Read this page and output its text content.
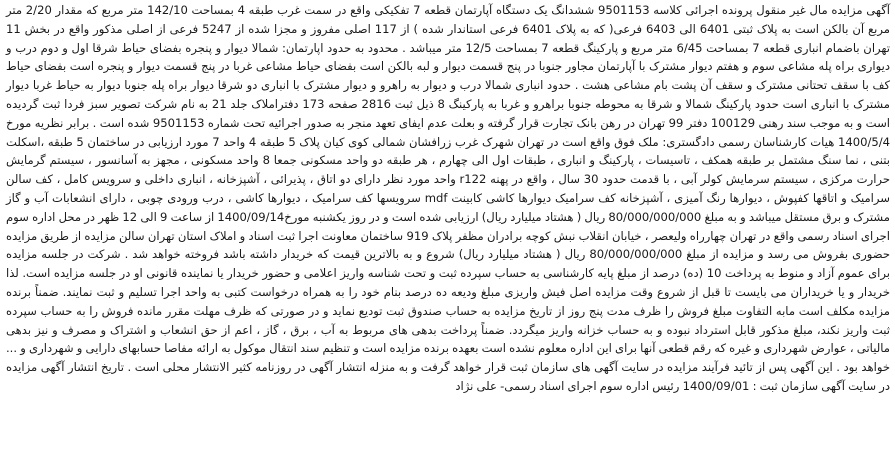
آگهی مزایده مال غیر منقول پرونده اجرائی کلاسه 9501153 ششدانگ یک دستگاه آپارتمان قطعه 7 تفکیکی واقع در سمت غرب طبقه 4 بمساحت 142/10 متر مربع که مقدار 2/20 متر مربع آن بالکن است به پلاک ثبتی 6401 الی 6403 فرعی( که به پلاک 6401 فرعی استاندار شده ) از 117 اصلی مفروز و مجزا شده از 5247 فرعی از اصلی مذکور واقع در بخش 11 تهران باضمام انباری قطعه 7 بمساحت 6/45 متر مربع و پارکینگ قطعه 7 بمساحت 12/5 متر میباشد . محدود به حدود اپارتمان: شمالا دیوار و پنجره بفضای حیاط شرقا اول و دوم درب و دیواری براه پله مشاعی سوم و هفتم دیوار مشترک با آپارتمان مجاور جنوبا در پنج قسمت دیوار و لبه بالکن است بفضای حیاط مشاعی غربا در پنج قسمت دیوار و پنجره است بفضای حیاط کف با سقف تحتانی مشترک و سقف آن پشت بام مشاعی هشت . حدود انباری شمالا درب و دیوار به راهرو و دیوار مشترک با انباری دو شرقا دیوار براه پله جنوبا دیوار به حیاط غربا دیوار مشترک با انباری است حدود پارکینگ شمالا و شرقا به محوطه جنوبا براهرو و غربا به پارکینگ 8 ذیل ثبت 2816 صفحه 173 دفتراملاک جلد 21 به نام شرکت تصویر سبز فردا ثبت گردیده است و به موجب سند رهنی 100129 دفتر 99 تهران در رهن بانک تجارت قرار گرفته و بعلت عدم ایفای تعهد منجر به صدور اجرائیه تحت شماره 9501153 شده است . برابر نظریه مورخ 1400/5/4 هیات کارشناسان رسمی دادگستری: ملک فوق واقع است در تهران شهرک غرب زرافشان شمالی کوی کیان پلاک 5 طبقه 4 واحد 7 مورد ارزیابی در ساختمان 5 طبقه ،اسکلت بتنی ، نما سنگ مشتمل بر طبقه همکف ، تاسیسات ، پارکینگ و انباری ، طبقات اول الی چهارم ، هر طبقه دو واحد مسکونی جمعا 8 واحد مسکونی ، مجهز به آسانسور ، سیستم گرمایش حرارت مرکزی ، سیستم سرمایش کولر آبی ، با قدمت حدود 30 سال ، واقع در پهنه r122 واحد مورد نظر دارای دو اتاق ، پذیرائی ، آشپزخانه ، انباری داخلی و سرویس کامل ، کف سالن سرامیک و اتاقها کفپوش ، دیوارها رنگ آمیزی ، آشپزخانه کف سرامیک دیوارها کاشی کابینت mdf سرویسها کف سرامیک ، دیوارها کاشی ، درب ورودی چوبی ، دارای انشعابات آب و گاز مشترک و برق مستقل میباشد و به مبلغ 80/000/000/000 ریال ( هشتاد میلیارد ریال) ارزیابی شده است و در روز یکشنبه مورخ1400/09/14 از ساعت 9 الی 12 ظهر در محل اداره سوم اجرای اسناد رسمی واقع در تهران چهارراه ولیعصر ، خیابان انقلاب نبش کوچه برادران مظفر پلاک 919 ساختمان معاونت اجرا ثبت اسناد و املاک استان تهران سالن مزایده از طریق مزایده حضوری بفروش می رسد و مزایده از مبلغ 80/000/000/000 ریال ( هشتاد میلیارد ریال) شروع و به بالاترین قیمت که خریدار داشته باشد فروخته خواهد شد . شرکت در جلسه مزایده برای عموم آزاد و منوط به پرداخت 10 (ده) درصد از مبلغ پایه کارشناسی به حساب سپرده ثبت و تحت شناسه واریز اعلامی و حضور خریدار یا نماینده قانونی او در جلسه مزایده است. لذا خریدار و یا خریداران می بایست تا قبل از شروع وقت مزایده اصل فیش واریزی مبلغ ودیعه ده درصد بنام خود را به همراه درخواست کتبی به واحد اجرا تسلیم و ثبت نمایند. ضمناً برنده مزایده مکلف است مابه التفاوت مبلغ فروش را ظرف مدت پنج روز از تاریخ مزایده به حساب صندوق ثبت تودیع نماید و در صورتی که ظرف مهلت مقرر مانده فروش را به حساب سپرده ثبت واریز نکند، مبلغ مذکور قابل استرداد نبوده و به حساب خزانه واریز میگردد. ضمناً پرداخت بدهی های مربوط به آب ، برق ، گاز ، اعم از حق انشعاب و اشتراک و مصرف و نیز بدهی مالیاتی ، عوارض شهرداری و غیره که رقم قطعی آنها برای این اداره معلوم نشده است بعهده برنده مزایده است و تنظیم سند انتقال موکول به ارائه مفاصا حسابهای دارایی و شهرداری و ... خواهد بود . این آگهی پس از تائید فرآیند مزایده در سایت آگهی های سازمان ثبت قرار خواهد گرفت و به منزله انتشار آگهی در روزنامه کثیر الانتشار محلی است . تاریخ انتشار آگهی مزایده در سایت آگهی سازمان ثبت : 1400/09/01 رئیس اداره سوم اجرای اسناد رسمی- علی نژاد
